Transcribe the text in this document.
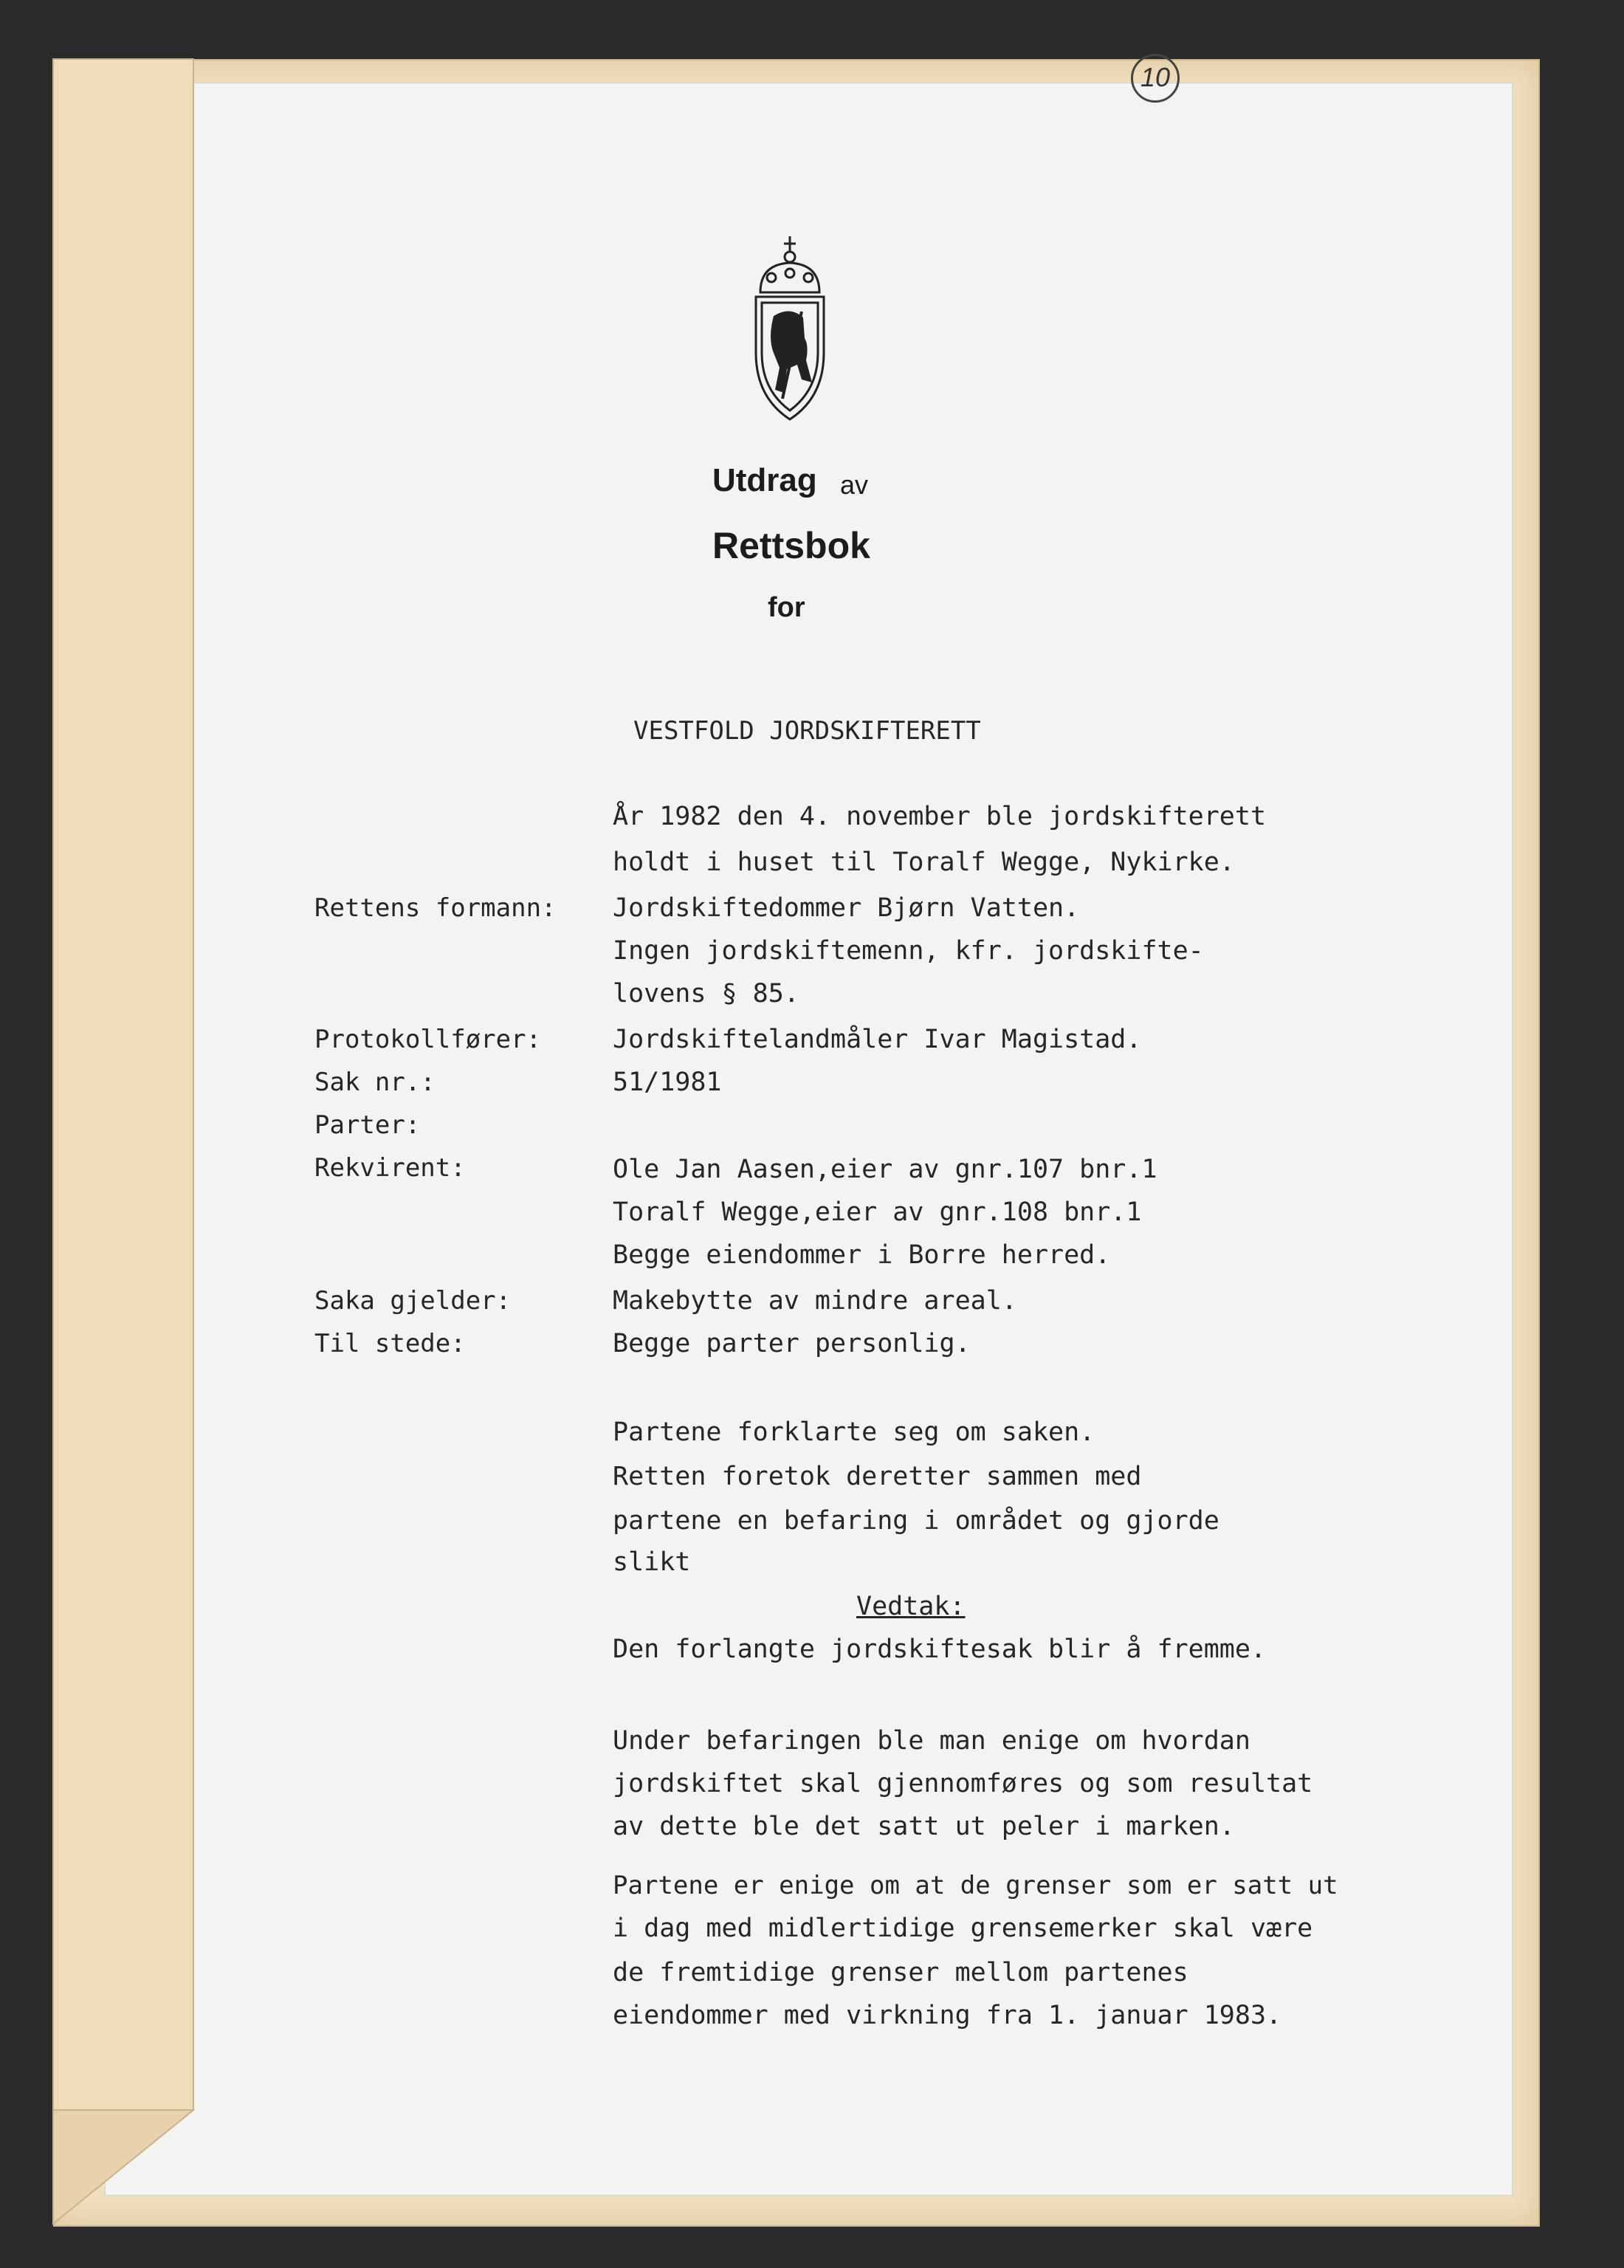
10
Utdrag av
Rettsbok
for
VESTFOLD JORDSKIFTERETT
År 1982 den 4. november ble jordskifterett
holdt i huset til Toralf Wegge, Nykirke.
Rettens formann: Jordskiftedommer Bjørn Vatten.
Ingen jordskiftemenn, kfr. jordskifte-
lovens § 85.
Protokollfører:	Jordskiftelandmåler Ivar Magistad.
Sak nr.:	51/1981
Parter:
Rekvirent:	Ole Jan Aasen,eier av gnr.107 bnr.1
Toralf Wegge,eier av gnr.108 bnr.1
Begge eiendommer i Borre herred.
Saka gjelder:	Makebytte av mindre areal.
Til stede:	Begge parter personlig.
Partene forklarte seg om saken.
Retten foretok deretter sammen med
partene en befaring i området og gjorde
slikt
Vedtak:
Den forlangte jordskiftesak blir å fremme.
Under befaringen ble man enige om hvordan
jordskiftet skal gjennomføres og som resultat
av dette ble det satt ut peler i marken.
Partene er enige om at de grenser som er satt ut
i dag med midlertidige grensemerker skal være
de fremtidige grenser mellom partenes
eiendommer med virkning fra 1. januar 1983.
